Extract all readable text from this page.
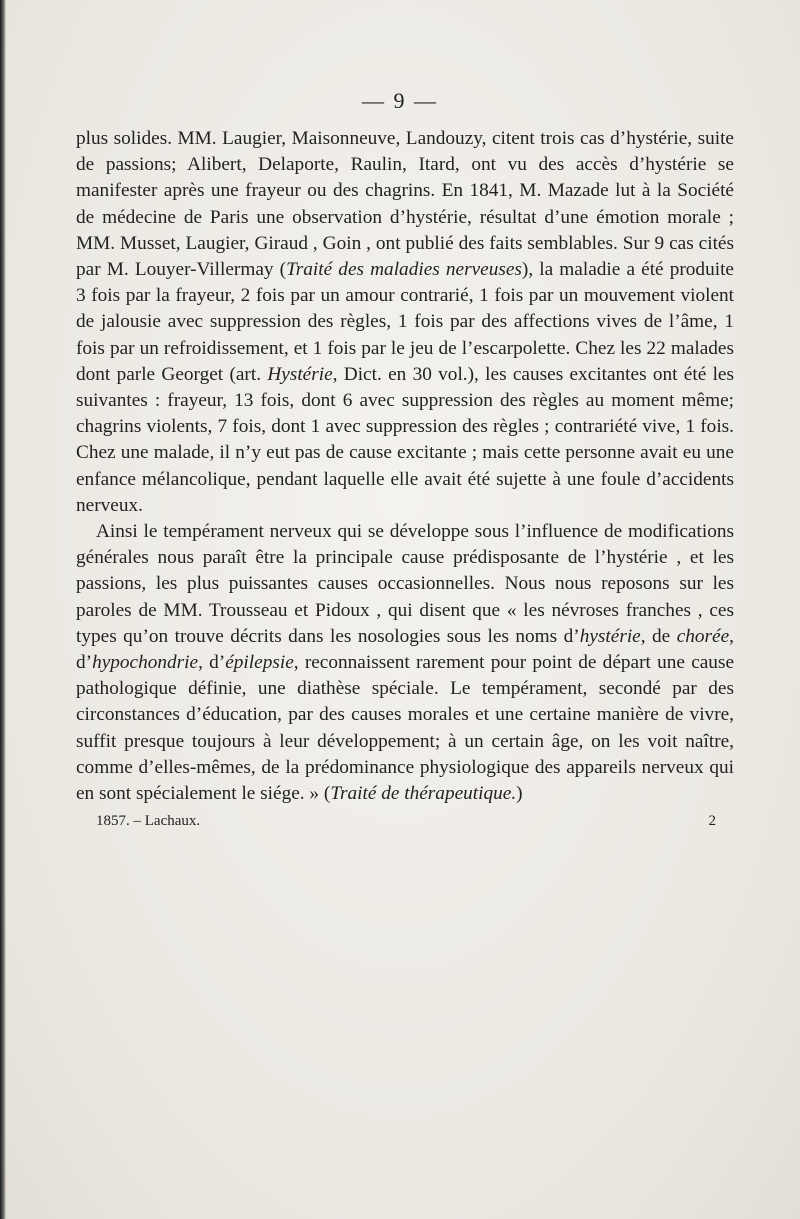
— 9 —

plus solides. MM. Laugier, Maisonneuve, Landouzy, citent trois cas d’hystérie, suite de passions; Alibert, Delaporte, Raulin, Itard, ont vu des accès d’hystérie se manifester après une frayeur ou des chagrins. En 1841, M. Mazade lut à la Société de médecine de Paris une observation d’hystérie, résultat d’une émotion morale ; MM. Musset, Laugier, Giraud , Goin , ont publié des faits semblables. Sur 9 cas cités par M. Louyer-Villermay (Traité des maladies nerveuses), la maladie a été produite 3 fois par la frayeur, 2 fois par un amour contrarié, 1 fois par un mouvement violent de jalousie avec suppression des règles, 1 fois par des affections vives de l’âme, 1 fois par un refroidissement, et 1 fois par le jeu de l’escarpolette. Chez les 22 malades dont parle Georget (art. Hystérie, Dict. en 30 vol.), les causes excitantes ont été les suivantes : frayeur, 13 fois, dont 6 avec suppression des règles au moment même; chagrins violents, 7 fois, dont 1 avec suppression des règles ; contrariété vive, 1 fois. Chez une malade, il n’y eut pas de cause excitante ; mais cette personne avait eu une enfance mélancolique, pendant laquelle elle avait été sujette à une foule d’accidents nerveux.

Ainsi le tempérament nerveux qui se développe sous l’influence de modifications générales nous paraît être la principale cause prédisposante de l’hystérie , et les passions, les plus puissantes causes occasionnelles. Nous nous reposons sur les paroles de MM. Trousseau et Pidoux , qui disent que « les névroses franches , ces types qu’on trouve décrits dans les nosologies sous les noms d’hystérie, de chorée, d’hypochondrie, d’épilepsie, reconnaissent rarement pour point de départ une cause pathologique définie, une diathèse spéciale. Le tempérament, secondé par des circonstances d’éducation, par des causes morales et une certaine manière de vivre, suffit presque toujours à leur développement; à un certain âge, on les voit naître, comme d’elles-mêmes, de la prédominance physiologique des appareils nerveux qui en sont spécialement le siége. » (Traité de thérapeutique.)

1857. – Lachaux.	2
